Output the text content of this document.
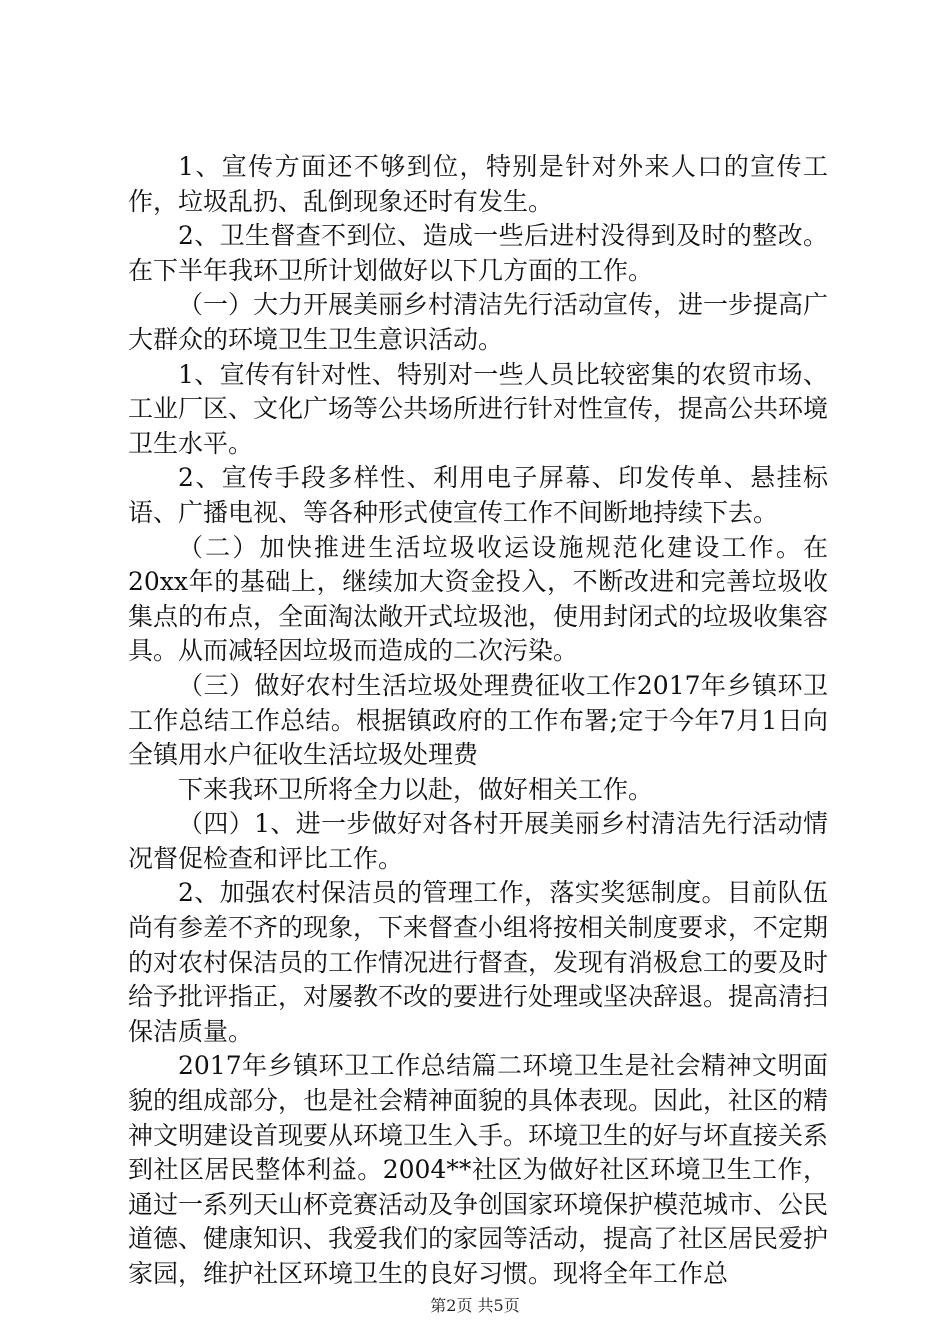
1、宣传方面还不够到位，特别是针对外来人口的宣传工作，垃圾乱扔、乱倒现象还时有发生。

2、卫生督查不到位、造成一些后进村没得到及时的整改。在下半年我环卫所计划做好以下几方面的工作。

（一）大力开展美丽乡村清洁先行活动宣传，进一步提高广大群众的环境卫生卫生意识活动。

1、宣传有针对性、特别对一些人员比较密集的农贸市场、工业厂区、文化广场等公共场所进行针对性宣传，提高公共环境卫生水平。

2、宣传手段多样性、利用电子屏幕、印发传单、悬挂标语、广播电视、等各种形式使宣传工作不间断地持续下去。

（二）加快推进生活垃圾收运设施规范化建设工作。在20xx年的基础上，继续加大资金投入，不断改进和完善垃圾收集点的布点，全面淘汰敞开式垃圾池，使用封闭式的垃圾收集容具。从而减轻因垃圾而造成的二次污染。

（三）做好农村生活垃圾处理费征收工作2017年乡镇环卫工作总结工作总结。根据镇政府的工作布署;定于今年7月1日向全镇用水户征收生活垃圾处理费

下来我环卫所将全力以赴，做好相关工作。

（四）1、进一步做好对各村开展美丽乡村清洁先行活动情况督促检查和评比工作。

2、加强农村保洁员的管理工作，落实奖惩制度。目前队伍尚有参差不齐的现象，下来督查小组将按相关制度要求，不定期的对农村保洁员的工作情况进行督查，发现有消极怠工的要及时给予批评指正，对屡教不改的要进行处理或坚决辞退。提高清扫保洁质量。

2017年乡镇环卫工作总结篇二环境卫生是社会精神文明面貌的组成部分，也是社会精神面貌的具体表现。因此，社区的精神文明建设首现要从环境卫生入手。环境卫生的好与坏直接关系到社区居民整体利益。2004**社区为做好社区环境卫生工作，通过一系列天山杯竞赛活动及争创国家环境保护模范城市、公民道德、健康知识、我爱我们的家园等活动，提高了社区居民爱护家园，维护社区环境卫生的良好习惯。现将全年工作总

第2页 共5页
